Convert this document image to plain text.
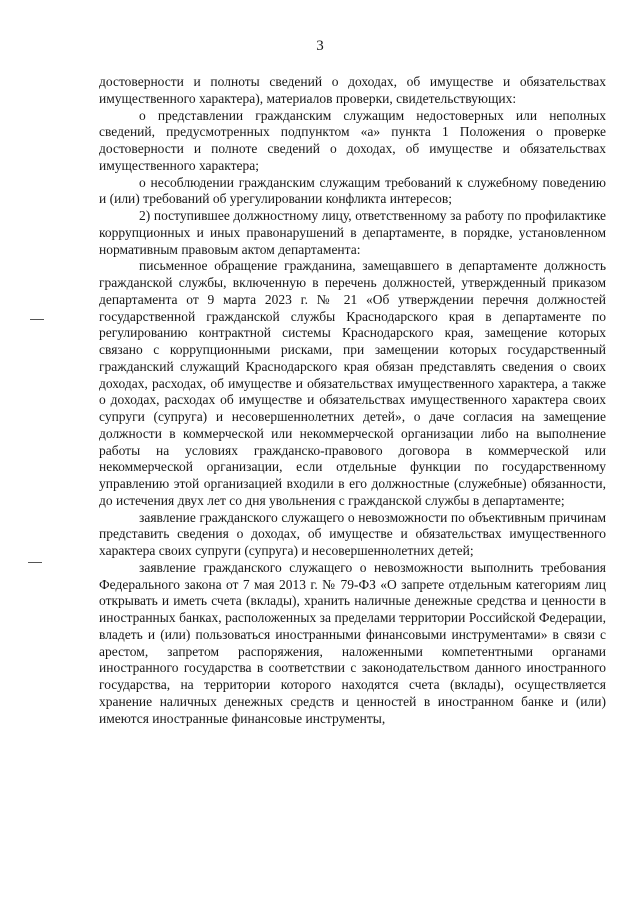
3

достоверности и полноты сведений о доходах, об имуществе и обязательствах имущественного характера), материалов проверки, свидетельствующих:

о представлении гражданским служащим недостоверных или неполных сведений, предусмотренных подпунктом «а» пункта 1 Положения о проверке достоверности и полноте сведений о доходах, об имуществе и обязательствах имущественного характера;

о несоблюдении гражданским служащим требований к служебному поведению и (или) требований об урегулировании конфликта интересов;

2) поступившее должностному лицу, ответственному за работу по профилактике коррупционных и иных правонарушений в департаменте, в порядке, установленном нормативным правовым актом департамента:

письменное обращение гражданина, замещавшего в департаменте должность гражданской службы, включенную в перечень должностей, утвержденный приказом департамента от 9 марта 2023 г. № 21 «Об утверждении перечня должностей государственной гражданской службы Краснодарского края в департаменте по регулированию контрактной системы Краснодарского края, замещение которых связано с коррупционными рисками, при замещении которых государственный гражданский служащий Краснодарского края обязан представлять сведения о своих доходах, расходах, об имуществе и обязательствах имущественного характера, а также о доходах, расходах об имуществе и обязательствах имущественного характера своих супруги (супруга) и несовершеннолетних детей», о даче согласия на замещение должности в коммерческой или некоммерческой организации либо на выполнение работы на условиях гражданско-правового договора в коммерческой или некоммерческой организации, если отдельные функции по государственному управлению этой организацией входили в его должностные (служебные) обязанности, до истечения двух лет со дня увольнения с гражданской службы в департаменте;

заявление гражданского служащего о невозможности по объективным причинам представить сведения о доходах, об имуществе и обязательствах имущественного характера своих супруги (супруга) и несовершеннолетних детей;

заявление гражданского служащего о невозможности выполнить требования Федерального закона от 7 мая 2013 г. № 79-ФЗ «О запрете отдельным категориям лиц открывать и иметь счета (вклады), хранить наличные денежные средства и ценности в иностранных банках, расположенных за пределами территории Российской Федерации, владеть и (или) пользоваться иностранными финансовыми инструментами» в связи с арестом, запретом распоряжения, наложенными компетентными органами иностранного государства в соответствии с законодательством данного иностранного государства, на территории которого находятся счета (вклады), осуществляется хранение наличных денежных средств и ценностей в иностранном банке и (или) имеются иностранные финансовые инструменты,
